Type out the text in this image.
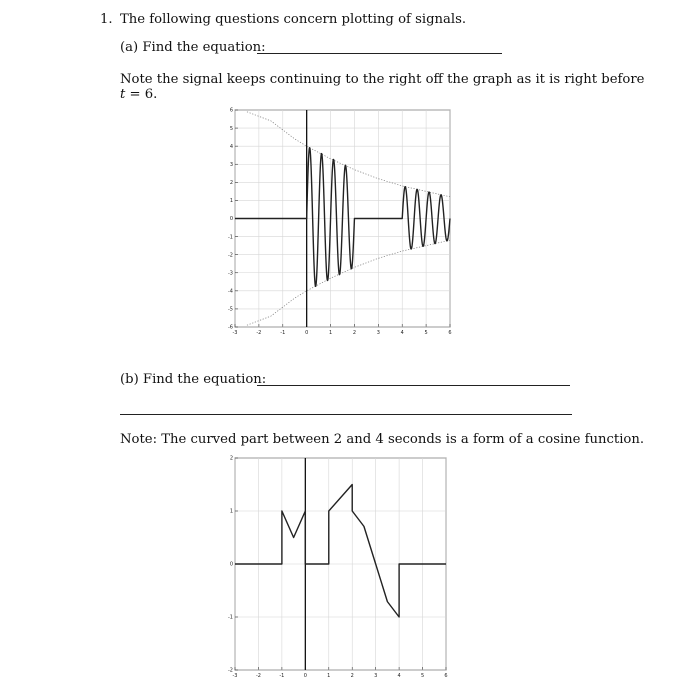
1. The following questions concern plotting of signals.
(a) Find the equation:
Note the signal keeps continuing to the right off the graph as it is right before
t = 6.
(b) Find the equation:
Note: The curved part between 2 and 4 seconds is a form of a cosine function.
-3	-2	-1	0	1	2	3	4	5	6
-6
-5
-4
-3
-2
-1
0
1
2
3
4
5
6
-3	-2	-1	0	1	2	3	4	5	6
-2
-1
0
1
2
